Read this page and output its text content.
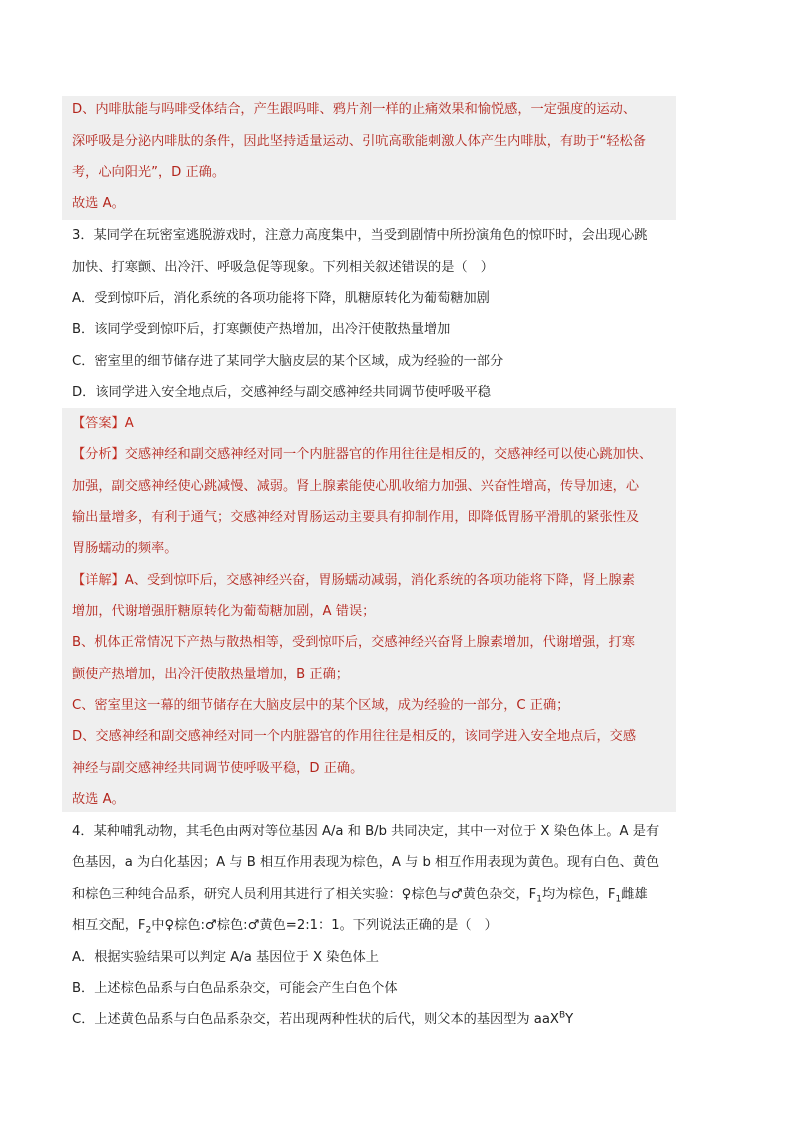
D、内啡肽能与吗啡受体结合，产生跟吗啡、鸦片剂一样的止痛效果和愉悦感，一定强度的运动、
深呼吸是分泌内啡肽的条件，因此坚持适量运动、引吭高歌能刺激人体产生内啡肽，有助于“轻松备
考，心向阳光”，D 正确。
故选 A。
3．某同学在玩密室逃脱游戏时，注意力高度集中，当受到剧情中所扮演角色的惊吓时，会出现心跳
加快、打寒颤、出冷汗、呼吸急促等现象。下列相关叙述错误的是（　）
A．受到惊吓后，消化系统的各项功能将下降，肌糖原转化为葡萄糖加剧
B．该同学受到惊吓后，打寒颤使产热增加，出冷汗使散热量增加
C．密室里的细节储存进了某同学大脑皮层的某个区域，成为经验的一部分
D．该同学进入安全地点后，交感神经与副交感神经共同调节使呼吸平稳
【答案】A
【分析】交感神经和副交感神经对同一个内脏器官的作用往往是相反的，交感神经可以使心跳加快、
加强，副交感神经使心跳减慢、减弱。肾上腺素能使心肌收缩力加强、兴奋性增高，传导加速，心
输出量增多，有利于通气；交感神经对胃肠运动主要具有抑制作用，即降低胃肠平滑肌的紧张性及
胃肠蠕动的频率。
【详解】A、受到惊吓后，交感神经兴奋，胃肠蠕动减弱，消化系统的各项功能将下降，肾上腺素
增加，代谢增强肝糖原转化为葡萄糖加剧，A 错误；
B、机体正常情况下产热与散热相等，受到惊吓后，交感神经兴奋肾上腺素增加，代谢增强，打寒
颤使产热增加，出冷汗使散热量增加，B 正确；
C、密室里这一幕的细节储存在大脑皮层中的某个区域，成为经验的一部分，C 正确；
D、交感神经和副交感神经对同一个内脏器官的作用往往是相反的，该同学进入安全地点后，交感
神经与副交感神经共同调节使呼吸平稳，D 正确。
故选 A。
4．某种哺乳动物，其毛色由两对等位基因 A/a 和 B/b 共同决定，其中一对位于 X 染色体上。A 是有
色基因，a 为白化基因；A 与 B 相互作用表现为棕色，A 与 b 相互作用表现为黄色。现有白色、黄色
和棕色三种纯合品系，研究人员利用其进行了相关实验：♀棕色与♂黄色杂交，$F_1$均为棕色，$F_1$雌雄
相互交配，$F_2$中♀棕色:♂棕色:♂黄色=2:1：1。下列说法正确的是（　）
A．根据实验结果可以判定 A/a 基因位于 X 染色体上
B．上述棕色品系与白色品系杂交，可能会产生白色个体
C．上述黄色品系与白色品系杂交，若出现两种性状的后代，则父本的基因型为 aaX$^B$Y
